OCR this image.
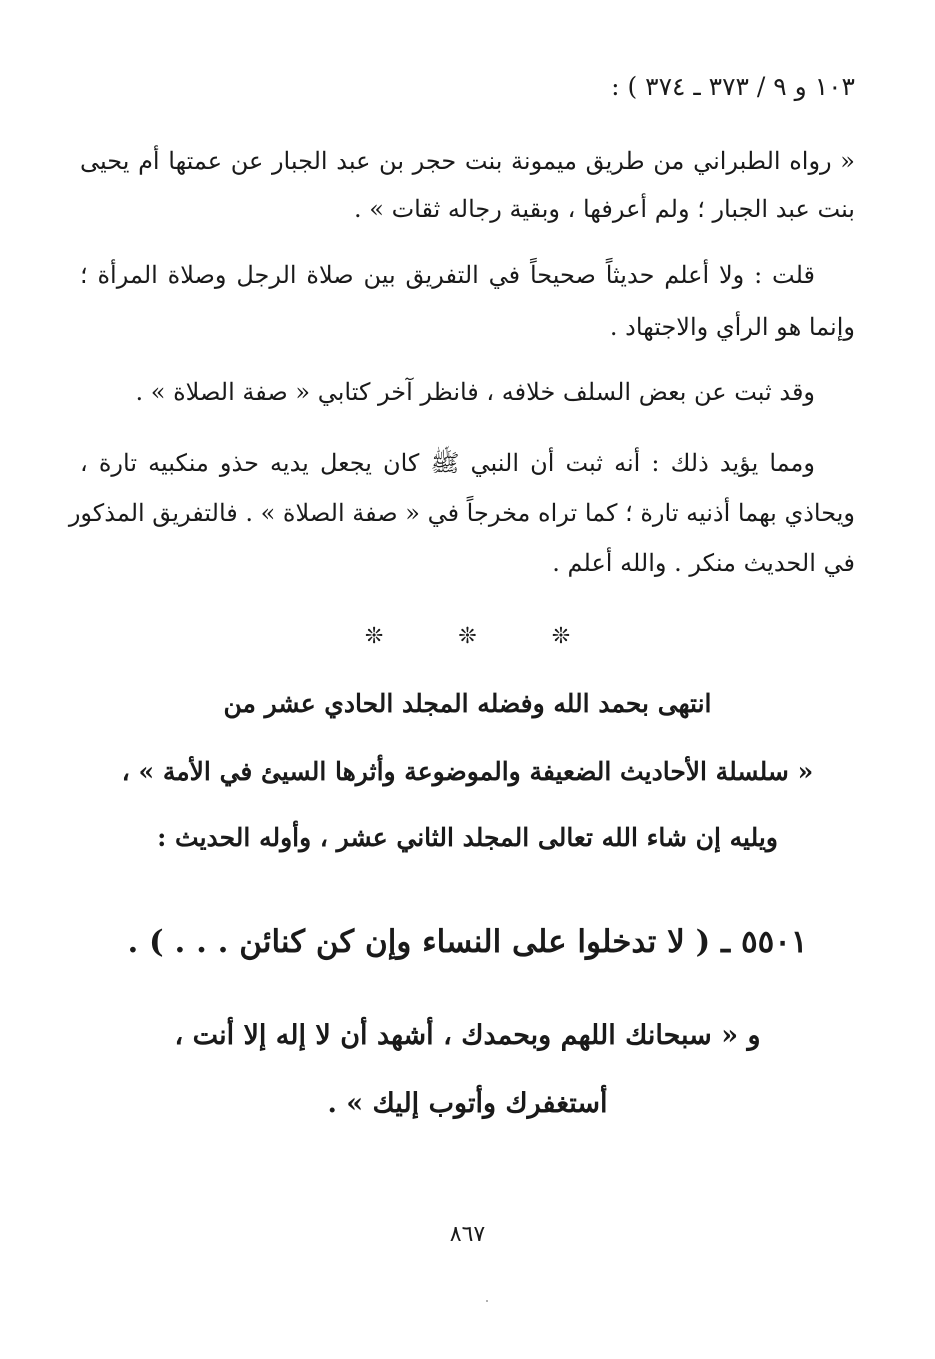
١٠٣ و ٩ / ٣٧٣ ـ ٣٧٤ ) :
« رواه الطبراني من طريق ميمونة بنت حجر بن عبد الجبار عن عمتها أم يحيى
بنت عبد الجبار ؛ ولم أعرفها ، وبقية رجاله ثقات » .
قلت : ولا أعلم حديثاً صحيحاً في التفريق بين صلاة الرجل وصلاة المرأة ؛
وإنما هو الرأي والاجتهاد .
وقد ثبت عن بعض السلف خلافه ، فانظر آخر كتابي « صفة الصلاة » .
ومما يؤيد ذلك : أنه ثبت أن النبي ﷺ كان يجعل يديه حذو منكبيه تارة ،
ويحاذي بهما أذنيه تارة ؛ كما تراه مخرجاً في « صفة الصلاة » . فالتفريق المذكور
في الحديث منكر . والله أعلم .
❊ ❊ ❊
انتهى بحمد الله وفضله المجلد الحادي عشر من
« سلسلة الأحاديث الضعيفة والموضوعة وأثرها السيئ في الأمة » ،
ويليه إن شاء الله تعالى المجلد الثاني عشر ، وأوله الحديث :
٥٥٠١ ـ ( لا تدخلوا على النساء وإن كن كنائن . . . ) .
و « سبحانك اللهم وبحمدك ، أشهد أن لا إله إلا أنت ،
أستغفرك وأتوب إليك » .
٨٦٧
